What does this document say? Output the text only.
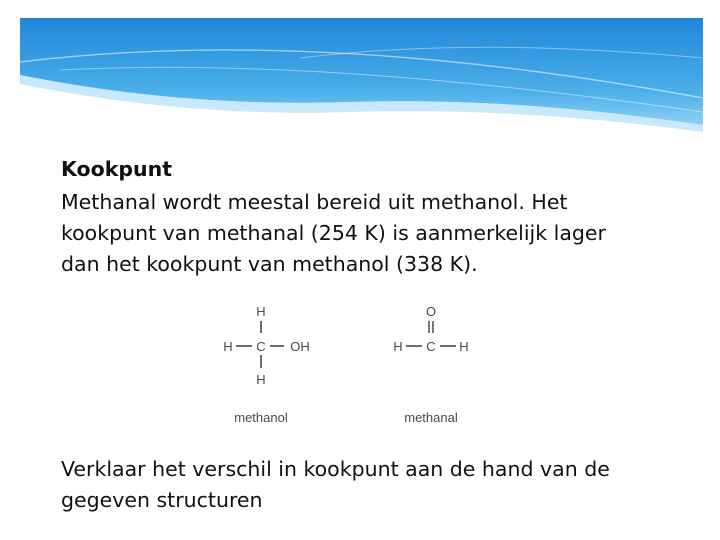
Kookpunt
Methanal wordt meestal bereid uit methanol. Het
kookpunt van methanal (254 K) is aanmerkelijk lager
dan het kookpunt van methanol (338 K).
H
H C OH
H
methanol
O
H C H
methanal
Verklaar het verschil in kookpunt aan de hand van de
gegeven structuren
